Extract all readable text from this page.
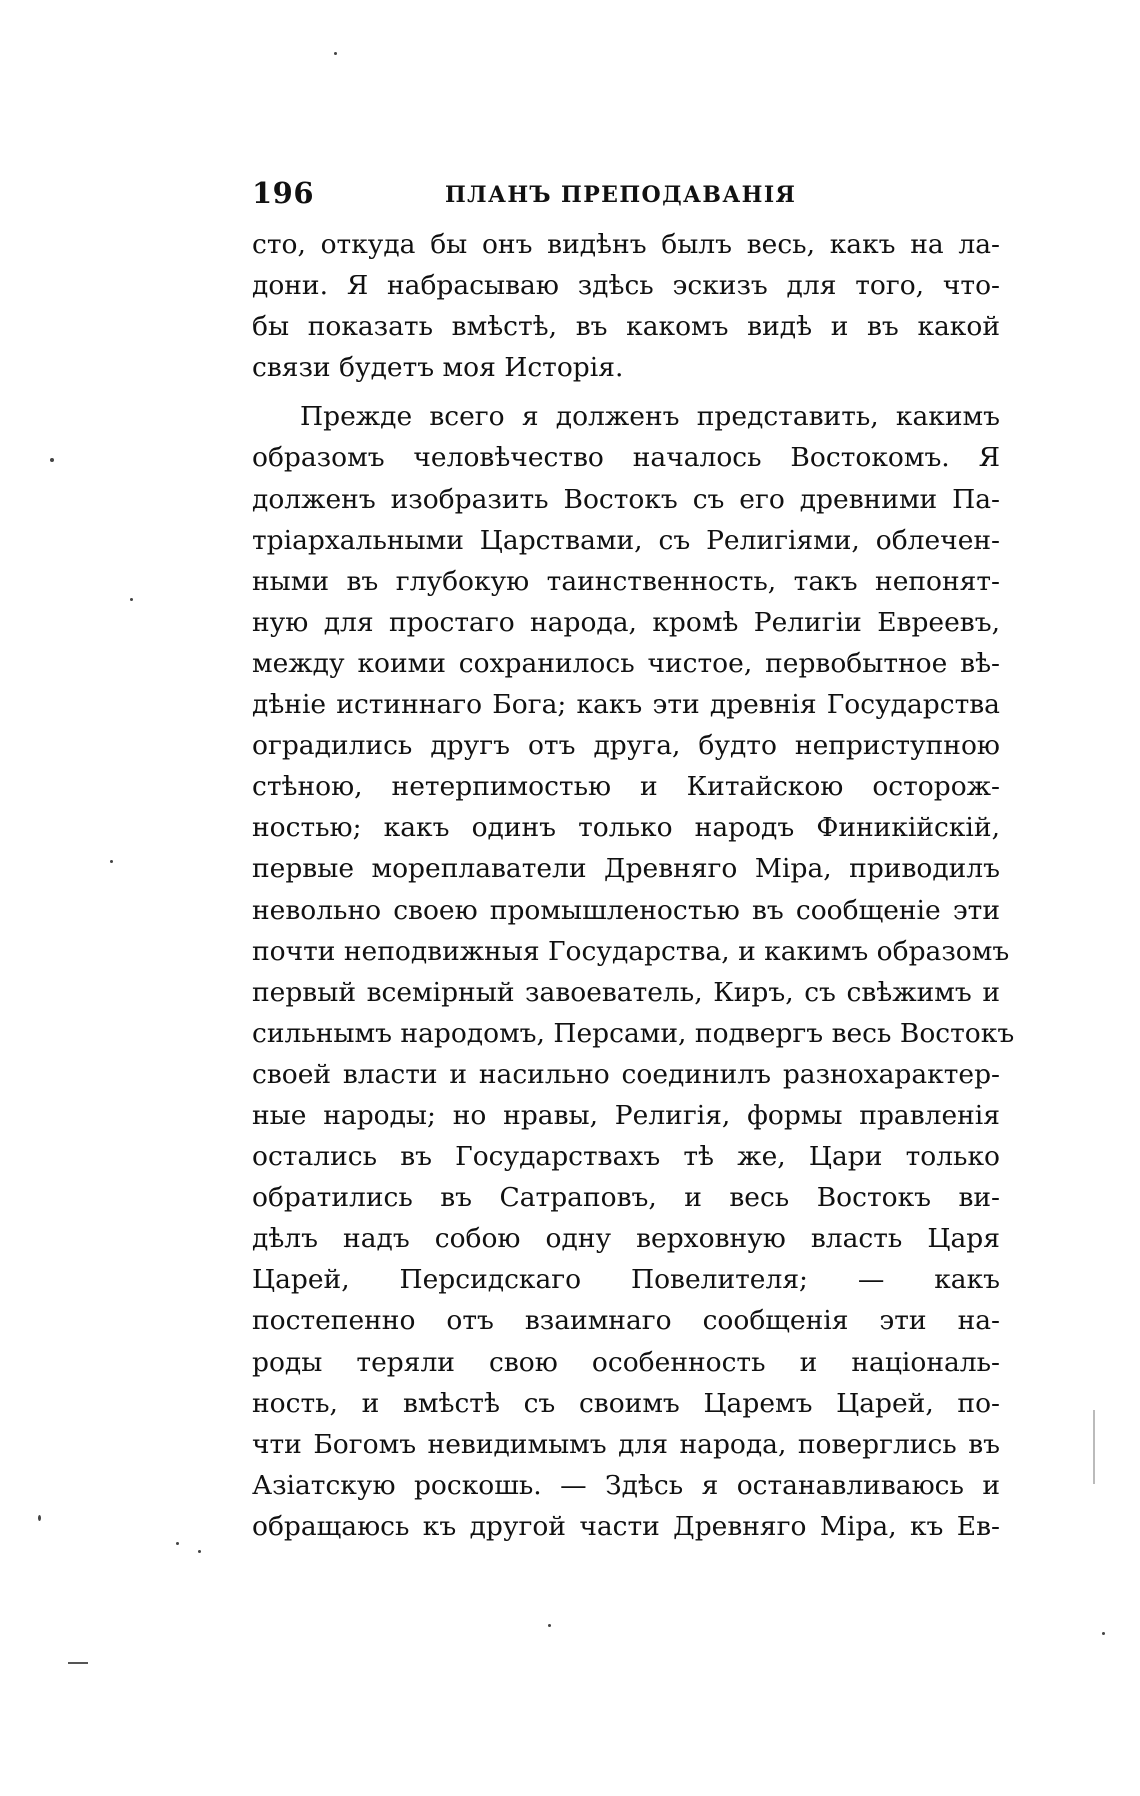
196	ПЛАНЪ ПРЕПОДАВАНІЯ
сто, откуда бы онъ видѣнъ былъ весь, какъ на ла-
дони. Я набрасываю здѣсь эскизъ для того, что-
бы показать вмѣстѣ, въ какомъ видѣ и въ какой
связи будетъ моя Исторія.
Прежде всего я долженъ представить, какимъ
образомъ человѣчество началось Востокомъ. Я
долженъ изобразить Востокъ съ его древними Па-
тріархальными Царствами, съ Религіями, облечен-
ными въ глубокую таинственность, такъ непонят-
ную для простаго народа, кромѣ Религіи Евреевъ,
между коими сохранилось чистое, первобытное вѣ-
дѣніе истиннаго Бога; какъ эти древнія Государства
оградились другъ отъ друга, будто неприступною
стѣною, нетерпимостью и Китайскою осторож-
ностью; какъ одинъ только народъ Финикійскій,
первые мореплаватели Древняго Міра, приводилъ
невольно своею промышленостью въ сообщеніе эти
почти неподвижныя Государства, и какимъ образомъ
первый всемірный завоеватель, Киръ, съ свѣжимъ и
сильнымъ народомъ, Персами, подвергъ весь Востокъ
своей власти и насильно соединилъ разнохарактер-
ные народы; но нравы, Религія, формы правленія
остались въ Государствахъ тѣ же, Цари только
обратились въ Сатраповъ, и весь Востокъ ви-
дѣлъ надъ собою одну верховную власть Царя
Царей, Персидскаго Повелителя; — какъ
постепенно отъ взаимнаго сообщенія эти на-
роды теряли свою особенность и національ-
ность, и вмѣстѣ съ своимъ Царемъ Царей, по-
чти Богомъ невидимымъ для народа, поверглись въ
Азіатскую роскошь. — Здѣсь я останавливаюсь и
обращаюсь къ другой части Древняго Міра, къ Ев-
